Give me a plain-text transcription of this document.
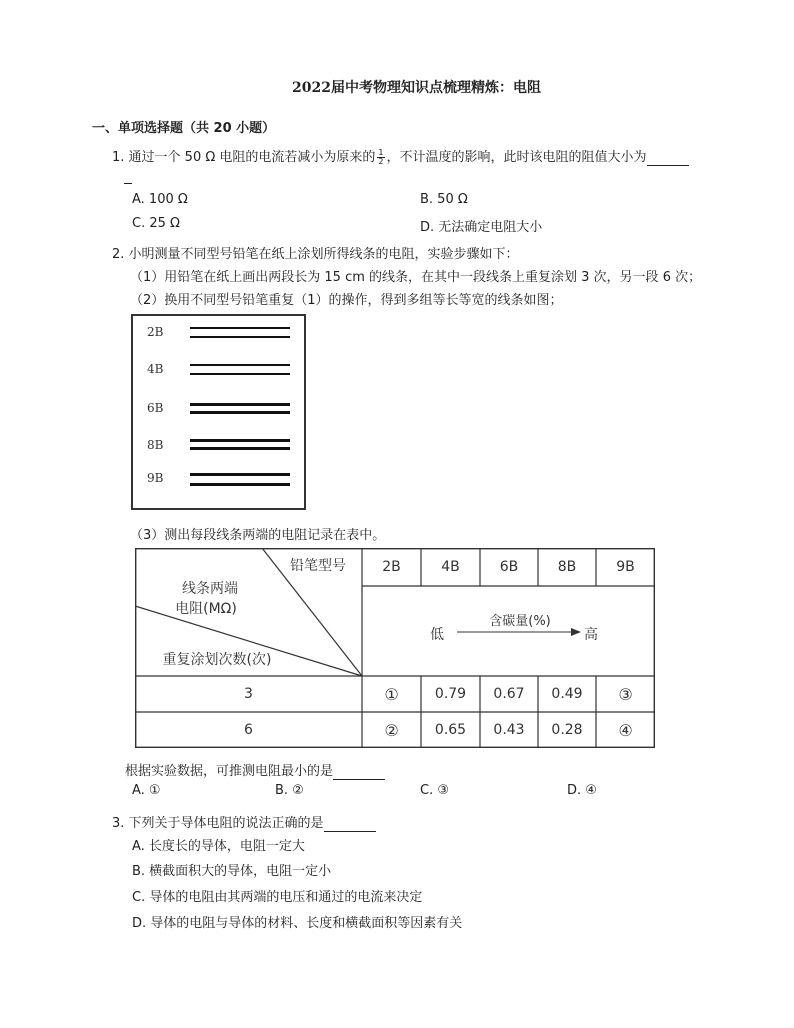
2022届中考物理知识点梳理精炼：电阻
一、单项选择题（共 20 小题）
1. 通过一个 50 Ω 电阻的电流若减小为原来的 $\frac{1}{2}$ ，不计温度的影响，此时该电阻的阻值大小为

A. 100 Ω	B. 50 Ω
C. 25 Ω	D. 无法确定电阻大小
2. 小明测量不同型号铅笔在纸上涂划所得线条的电阻，实验步骤如下：
（1）用铅笔在纸上画出两段长为 15 cm 的线条，在其中一段线条上重复涂划 3 次，另一段 6 次；
（2）换用不同型号铅笔重复（1）的操作，得到多组等长等宽的线条如图；
2B
4B
6B
8B
9B
（3）测出每段线条两端的电阻记录在表中。
铅笔型号
线条两端
电阻(MΩ)
重复涂划次数(次)
2B	4B	6B	8B	9B
低
含碳量(%)
高
3	①	0.79	0.67	0.49	③
6	②	0.65	0.43	0.28	④
根据实验数据，可推测电阻最小的是
A. ①	B. ②	C. ③	D. ④
3. 下列关于导体电阻的说法正确的是
A. 长度长的导体，电阻一定大
B. 横截面积大的导体，电阻一定小
C. 导体的电阻由其两端的电压和通过的电流来决定
D. 导体的电阻与导体的材料、长度和横截面积等因素有关
